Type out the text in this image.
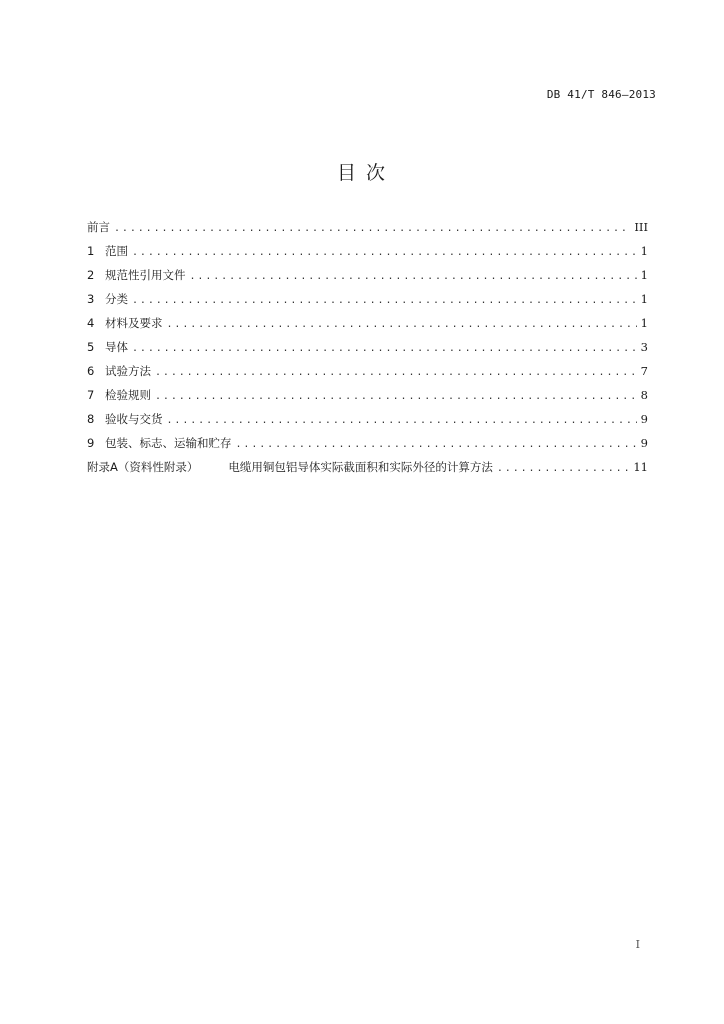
DB 41/T 846—2013
目 次
前言 .....	III
1 范围 .....	1
2 规范性引用文件 .....	1
3 分类 .....	1
4 材料及要求 .....	1
5 导体 .....	3
6 试验方法 .....	7
7 检验规则 .....	8
8 验收与交货 .....	9
9 包装、标志、运输和贮存 .....	9
附录A（资料性附录）	电缆用铜包铝导体实际截面积和实际外径的计算方法 .....	11
I
